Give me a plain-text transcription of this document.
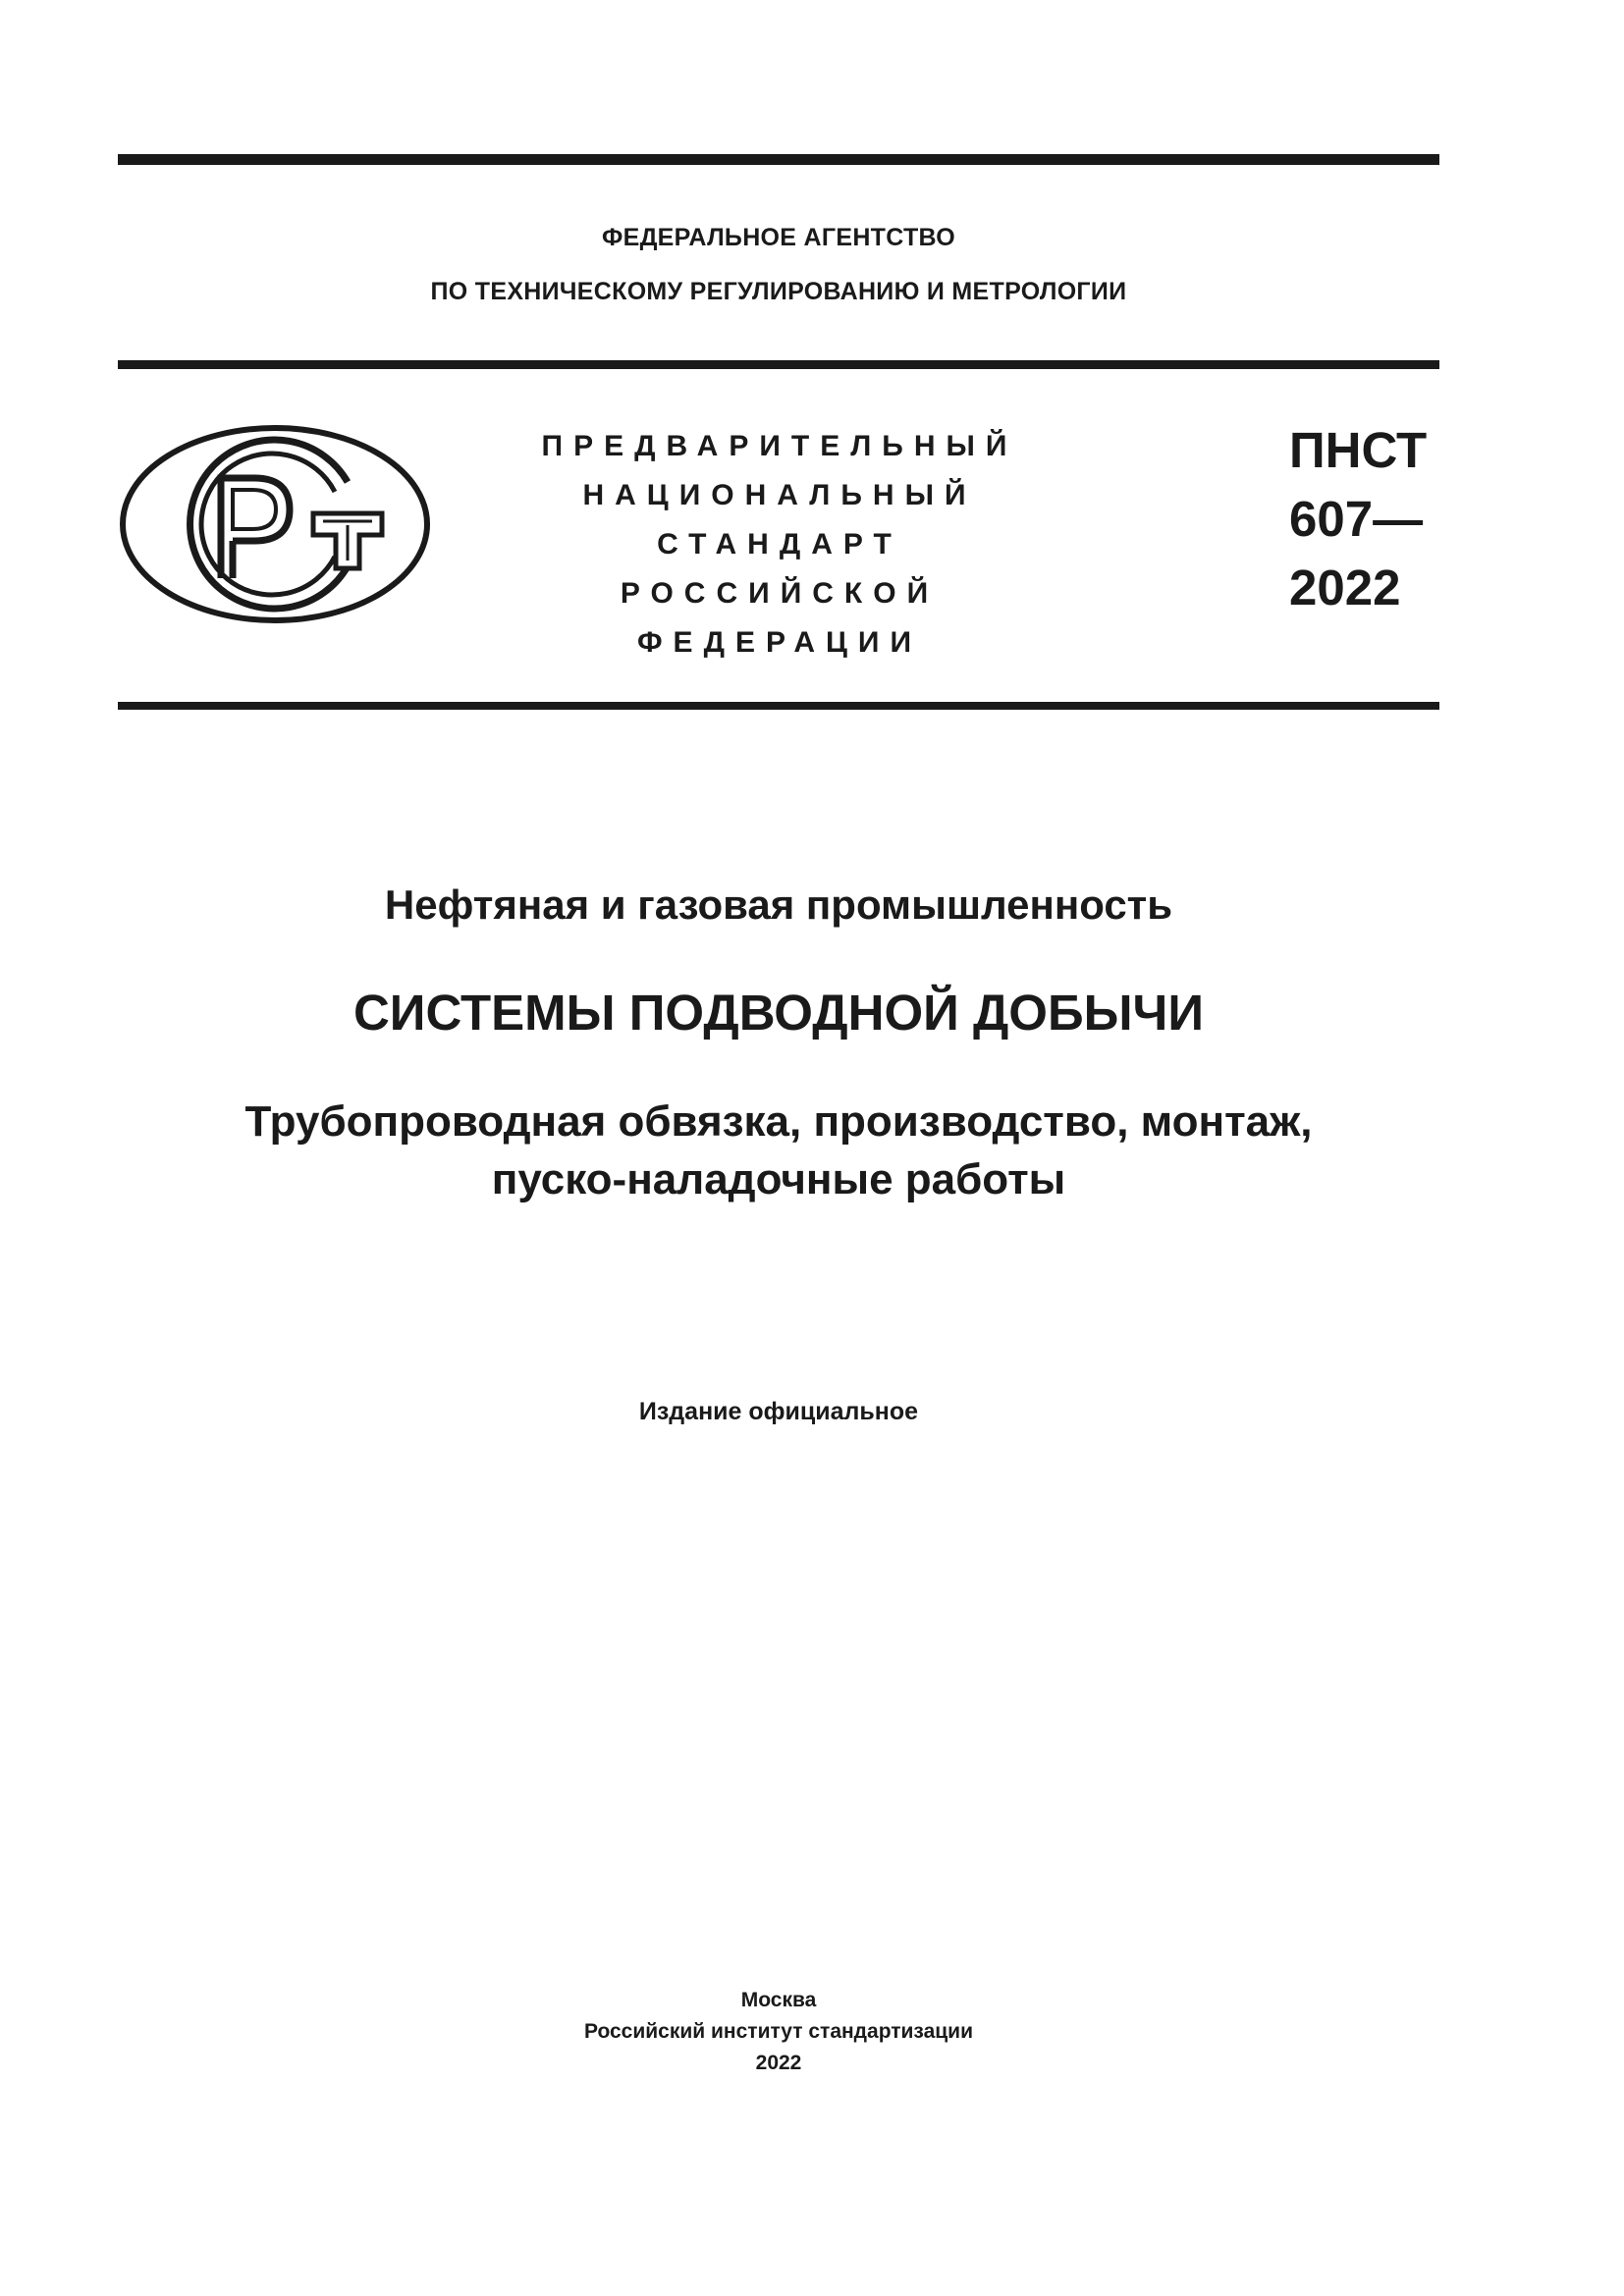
ФЕДЕРАЛЬНОЕ АГЕНТСТВО
ПО ТЕХНИЧЕСКОМУ РЕГУЛИРОВАНИЮ И МЕТРОЛОГИИ
ПРЕДВАРИТЕЛЬНЫЙ
НАЦИОНАЛЬНЫЙ
СТАНДАРТ
РОССИЙСКОЙ
ФЕДЕРАЦИИ
ПНСТ
607—
2022
Нефтяная и газовая промышленность
СИСТЕМЫ ПОДВОДНОЙ ДОБЫЧИ
Трубопроводная обвязка, производство, монтаж,
пуско-наладочные работы
Издание официальное
Москва
Российский институт стандартизации
2022
